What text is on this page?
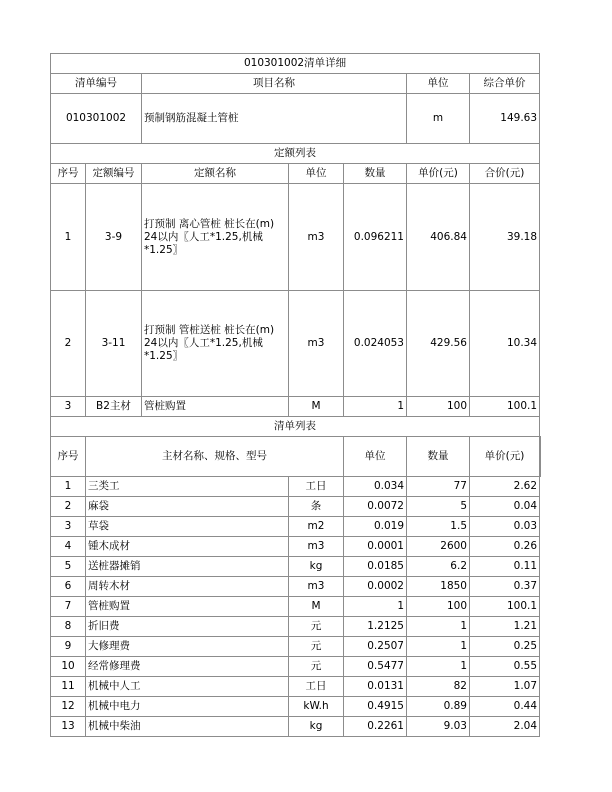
010301002清单详细							
清单编号		项目名称			单位	综合单价	
010301002		预制钢筋混凝土管桩			m	149.63	
定额列表							
序号	定额编号	定额名称	单位	数量	单价(元)	合价(元)	
1	3-9	打预制 离心管桩 桩长在(m) 24以内〖人工*1.25,机械*1.25〗	m3	0.096211	406.84	39.18	
2	3-11	打预制 管桩送桩 桩长在(m) 24以内〖人工*1.25,机械*1.25〗	m3	0.024053	429.56	10.34	
3	B2主材	管桩购置	M	1	100	100.1	
清单列表							
序号	主材名称、规格、型号			单位	数量	单价(元)	
1	三类工		工日	0.034	77	2.62	
2	麻袋		条	0.0072	5	0.04	
3	草袋		m2	0.019	1.5	0.03	
4	锺木成材		m3	0.0001	2600	0.26	
5	送桩器摊销		kg	0.0185	6.2	0.11	
6	周转木材		m3	0.0002	1850	0.37	
7	管桩购置		M	1	100	100.1	
8	折旧费		元	1.2125	1	1.21	
9	大修理费		元	0.2507	1	0.25	
10	经常修理费		元	0.5477	1	0.55	
11	机械中人工		工日	0.0131	82	1.07	
12	机械中电力		kW.h	0.4915	0.89	0.44	
13	机械中柴油		kg	0.2261	9.03	2.04	
